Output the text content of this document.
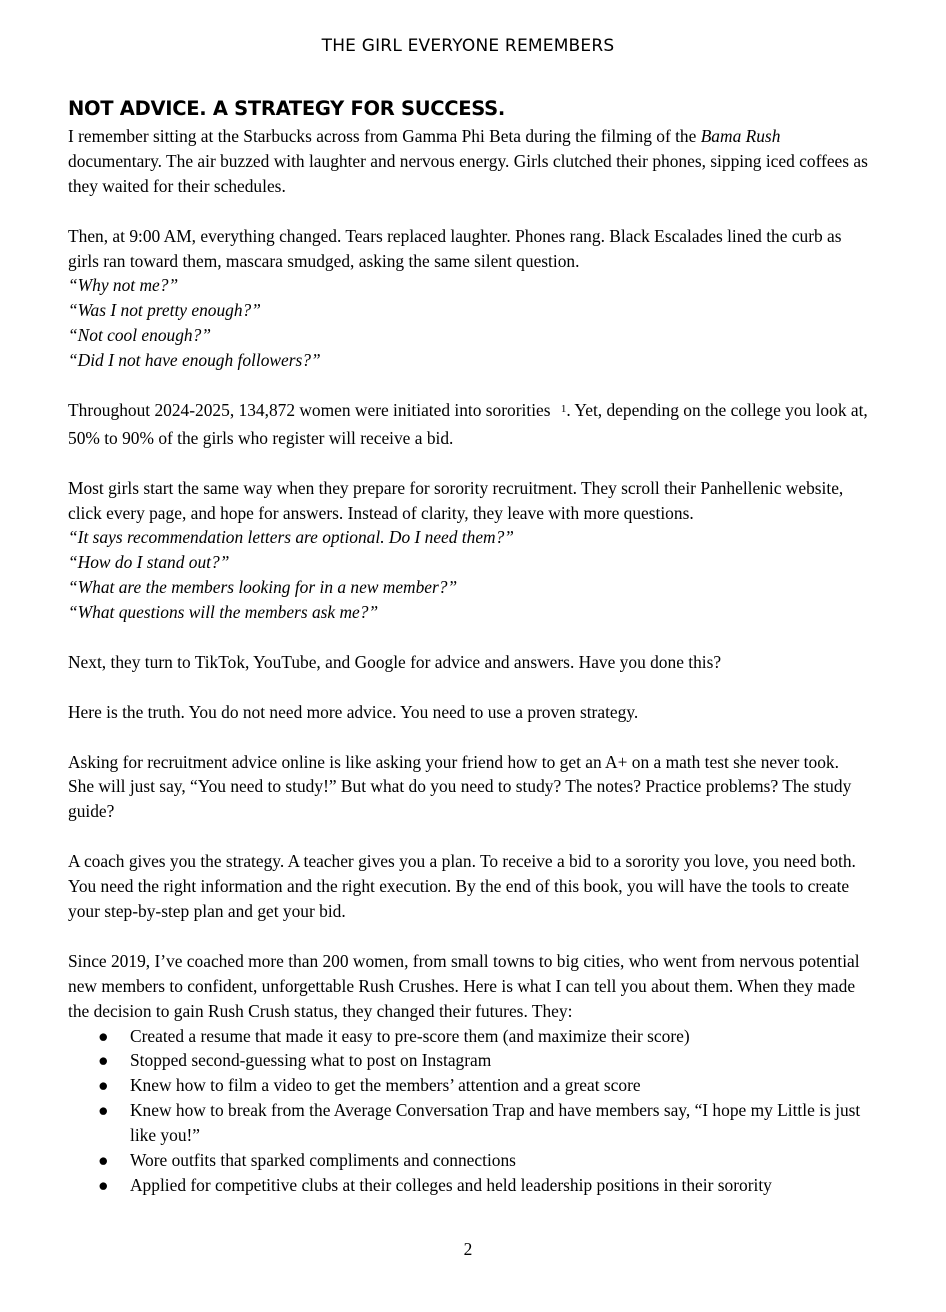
THE GIRL EVERYONE REMEMBERS
NOT ADVICE. A STRATEGY FOR SUCCESS.

I remember sitting at the Starbucks across from Gamma Phi Beta during the filming of the Bama Rush documentary. The air buzzed with laughter and nervous energy. Girls clutched their phones, sipping iced coffees as they waited for their schedules.

Then, at 9:00 AM, everything changed. Tears replaced laughter. Phones rang. Black Escalades lined the curb as girls ran toward them, mascara smudged, asking the same silent question.

“Why not me?”

“Was I not pretty enough?”

“Not cool enough?”

“Did I not have enough followers?”

Throughout 2024-2025, 134,872 women were initiated into sororities $^1$. Yet, depending on the college you look at, 50% to 90% of the girls who register will receive a bid.

Most girls start the same way when they prepare for sorority recruitment. They scroll their Panhellenic website, click every page, and hope for answers. Instead of clarity, they leave with more questions.

“It says recommendation letters are optional. Do I need them?”

“How do I stand out?”

“What are the members looking for in a new member?”

“What questions will the members ask me?”

Next, they turn to TikTok, YouTube, and Google for advice and answers. Have you done this?

Here is the truth. You do not need more advice. You need to use a proven strategy.

Asking for recruitment advice online is like asking your friend how to get an A+ on a math test she never took. She will just say, “You need to study!” But what do you need to study? The notes? Practice problems? The study guide?

A coach gives you the strategy. A teacher gives you a plan. To receive a bid to a sorority you love, you need both. You need the right information and the right execution. By the end of this book, you will have the tools to create your step-by-step plan and get your bid.

Since 2019, I’ve coached more than 200 women, from small towns to big cities, who went from nervous potential new members to confident, unforgettable Rush Crushes. Here is what I can tell you about them. When they made the decision to gain Rush Crush status, they changed their futures. They:

● Created a resume that made it easy to pre-score them (and maximize their score)
● Stopped second-guessing what to post on Instagram
● Knew how to film a video to get the members’ attention and a great score
● Knew how to break from the Average Conversation Trap and have members say, “I hope my Little is just like you!”
● Wore outfits that sparked compliments and connections
● Applied for competitive clubs at their colleges and held leadership positions in their sorority
2
